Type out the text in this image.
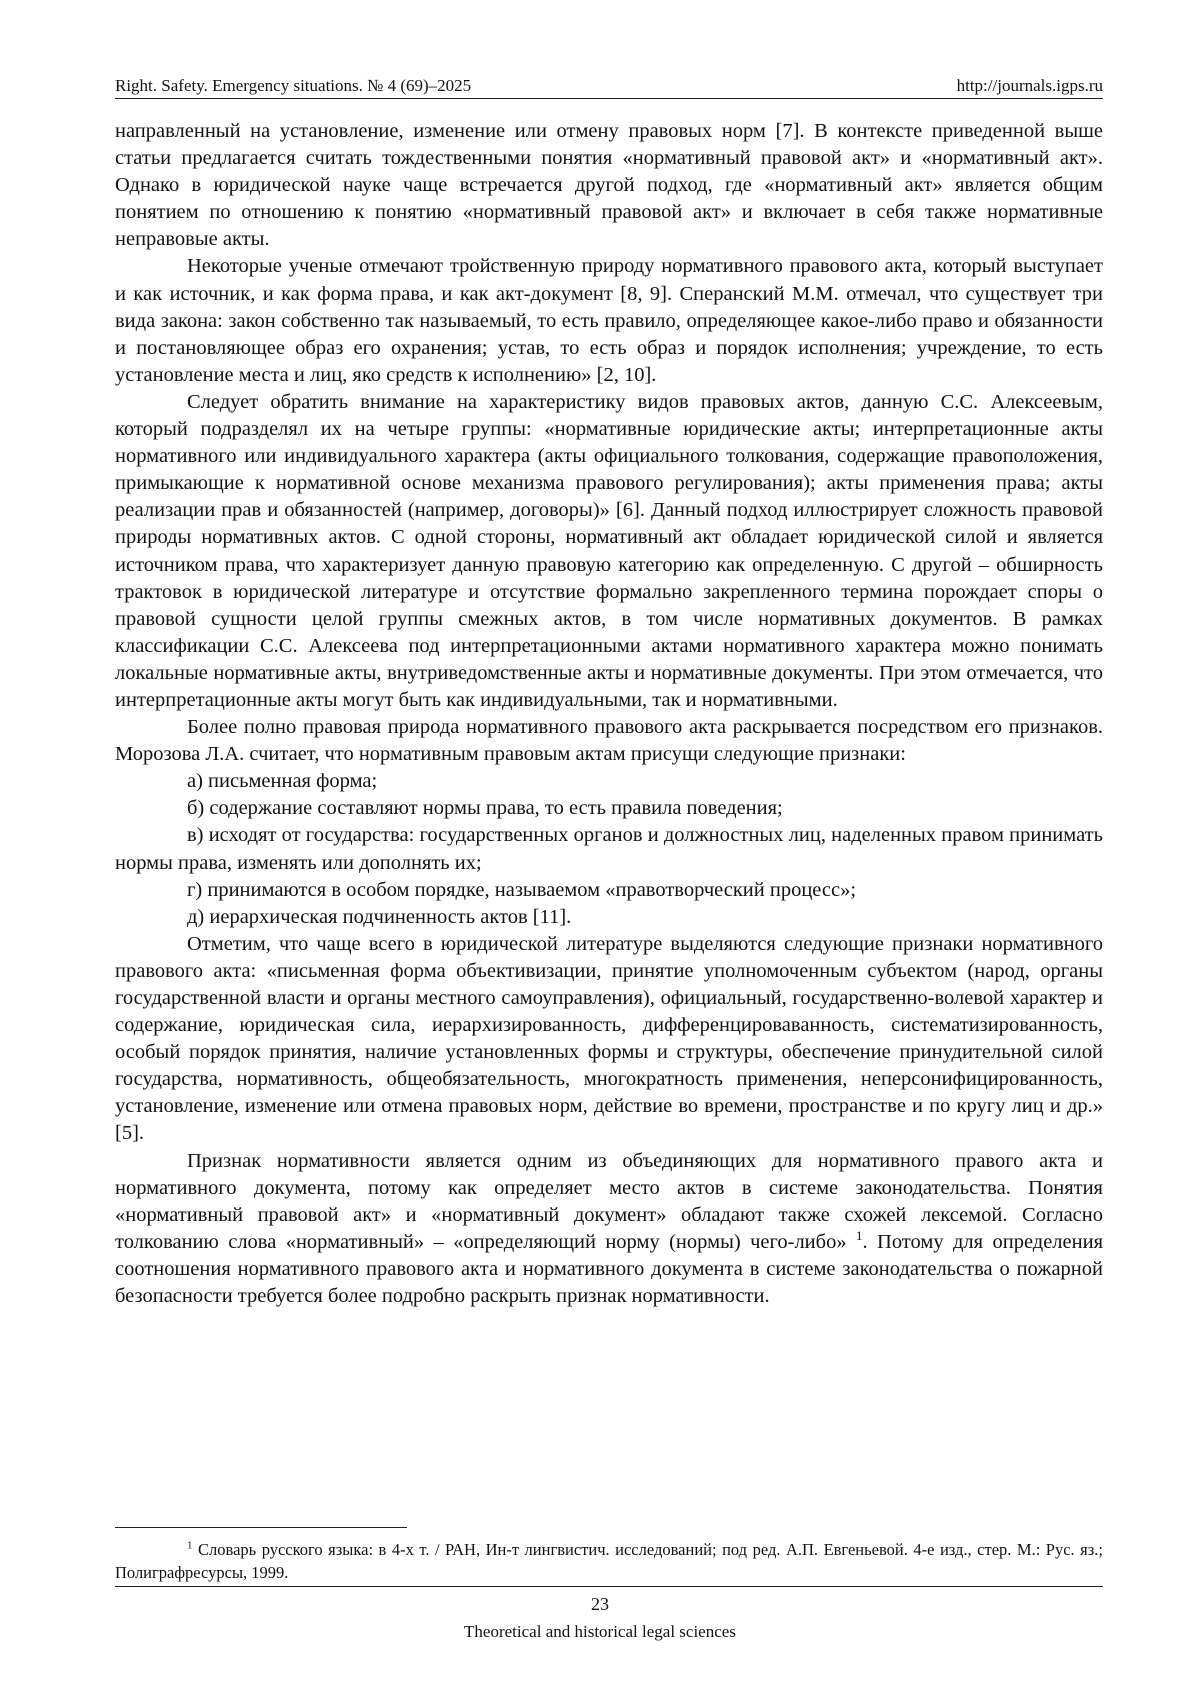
Right. Safety. Emergency situations. № 4 (69)–2025	http://journals.igps.ru

направленный на установление, изменение или отмену правовых норм [7]. В контексте приведенной выше статьи предлагается считать тождественными понятия «нормативный правовой акт» и «нормативный акт». Однако в юридической науке чаще встречается другой подход, где «нормативный акт» является общим понятием по отношению к понятию «нормативный правовой акт» и включает в себя также нормативные неправовые акты.

Некоторые ученые отмечают тройственную природу нормативного правового акта, который выступает и как источник, и как форма права, и как акт-документ [8, 9]. Сперанский М.М. отмечал, что существует три вида закона: закон собственно так называемый, то есть правило, определяющее какое-либо право и обязанности и постановляющее образ его охранения; устав, то есть образ и порядок исполнения; учреждение, то есть установление места и лиц, яко средств к исполнению» [2, 10].

Следует обратить внимание на характеристику видов правовых актов, данную С.С. Алексеевым, который подразделял их на четыре группы: «нормативные юридические акты; интерпретационные акты нормативного или индивидуального характера (акты официального толкования, содержащие правоположения, примыкающие к нормативной основе механизма правового регулирования); акты применения права; акты реализации прав и обязанностей (например, договоры)» [6]. Данный подход иллюстрирует сложность правовой природы нормативных актов. С одной стороны, нормативный акт обладает юридической силой и является источником права, что характеризует данную правовую категорию как определенную. С другой – обширность трактовок в юридической литературе и отсутствие формально закрепленного термина порождает споры о правовой сущности целой группы смежных актов, в том числе нормативных документов. В рамках классификации С.С. Алексеева под интерпретационными актами нормативного характера можно понимать локальные нормативные акты, внутриведомственные акты и нормативные документы. При этом отмечается, что интерпретационные акты могут быть как индивидуальными, так и нормативными.

Более полно правовая природа нормативного правового акта раскрывается посредством его признаков. Морозова Л.А. считает, что нормативным правовым актам присущи следующие признаки:

а) письменная форма;

б) содержание составляют нормы права, то есть правила поведения;

в) исходят от государства: государственных органов и должностных лиц, наделенных правом принимать нормы права, изменять или дополнять их;

г) принимаются в особом порядке, называемом «правотворческий процесс»;

д) иерархическая подчиненность актов [11].

Отметим, что чаще всего в юридической литературе выделяются следующие признаки нормативного правового акта: «письменная форма объективизации, принятие уполномоченным субъектом (народ, органы государственной власти и органы местного самоуправления), официальный, государственно-волевой характер и содержание, юридическая сила, иерархизированность, дифференцироваванность, систематизированность, особый порядок принятия, наличие установленных формы и структуры, обеспечение принудительной силой государства, нормативность, общеобязательность, многократность применения, неперсонифицированность, установление, изменение или отмена правовых норм, действие во времени, пространстве и по кругу лиц и др.» [5].

Признак нормативности является одним из объединяющих для нормативного правого акта и нормативного документа, потому как определяет место актов в системе законодательства. Понятия «нормативный правовой акт» и «нормативный документ» обладают также схожей лексемой. Согласно толкованию слова «нормативный» – «определяющий норму (нормы) чего-либо» $^1$. Потому для определения соотношения нормативного правового акта и нормативного документа в системе законодательства о пожарной безопасности требуется более подробно раскрыть признак нормативности.

$^1$ Словарь русского языка: в 4-х т. / РАН, Ин-т лингвистич. исследований; под ред. А.П. Евгеньевой. 4-е изд., стер. М.: Рус. яз.; Полиграфресурсы, 1999.

23
Theoretical and historical legal sciences
